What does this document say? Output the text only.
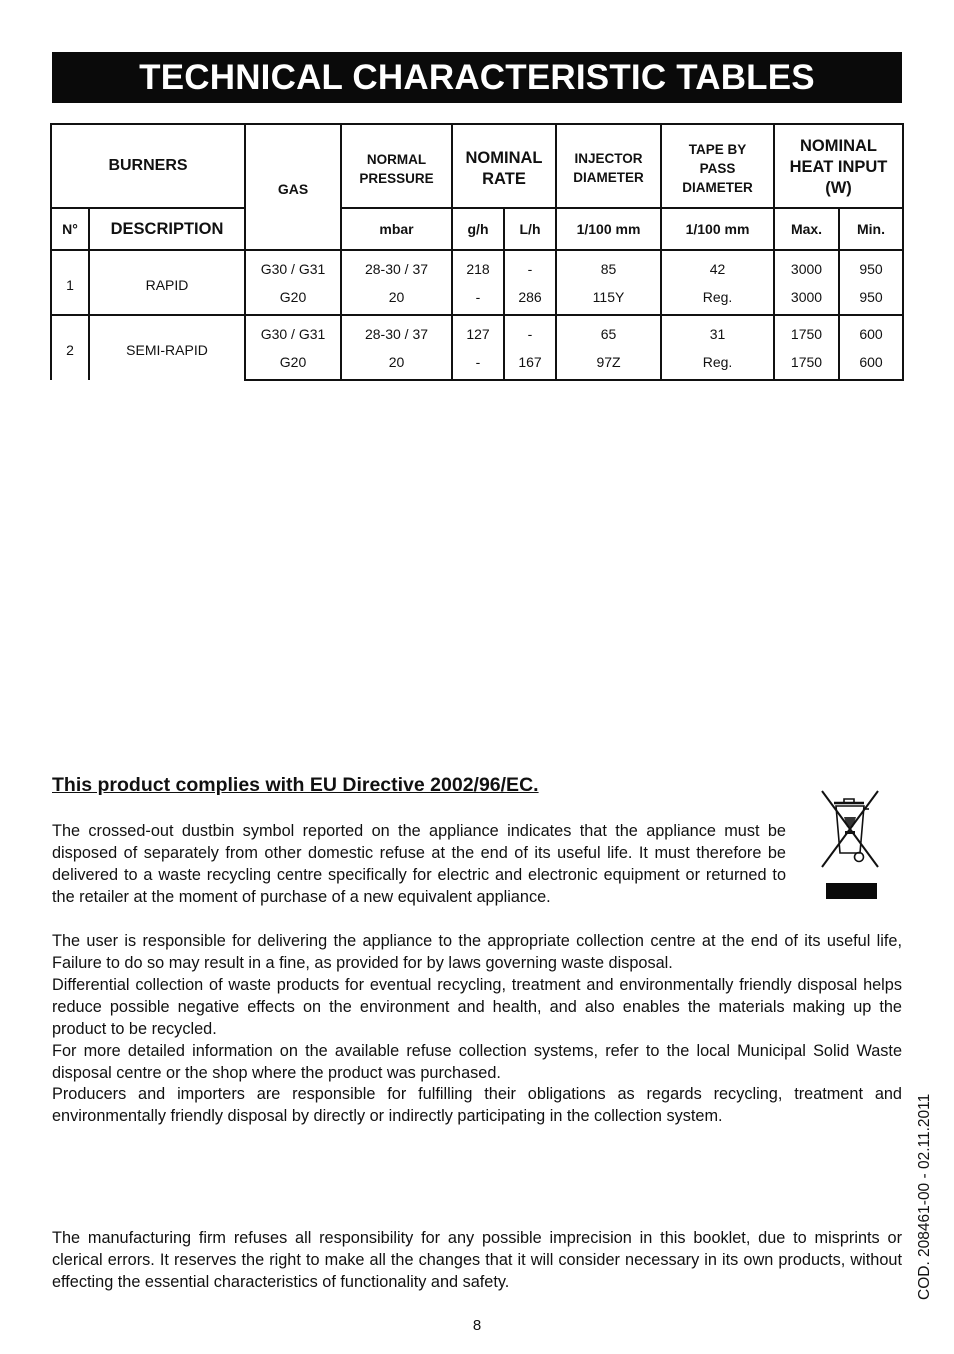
TECHNICAL CHARACTERISTIC TABLES
BURNERS		GAS	NORMAL PRESSURE	NOMINAL RATE		INJECTOR DIAMETER	TAPE BY PASS DIAMETER	NOMINAL HEAT INPUT (W)	
N°	DESCRIPTION		mbar	g/h	L/h	1/100 mm	1/100 mm	Max.	Min.
1	RAPID	G30 / G31	28-30 / 37	218	-	85	42	3000	950
		G20	20	-	286	115Y	Reg.	3000	950
2	SEMI-RAPID	G30 / G31	28-30 / 37	127	-	65	31	1750	600
		G20	20	-	167	97Z	Reg.	1750	600
This product complies with EU Directive 2002/96/EC.

The crossed-out dustbin symbol reported on the appliance indicates that the appliance must be disposed of separately from other domestic refuse at the end of its useful life. It must therefore be delivered to a waste recycling centre specifically for electric and electronic equipment or returned to the retailer at the moment of purchase of a new equivalent appliance.

The user is responsible for delivering the appliance to the appropriate collection centre at the end of its useful life, Failure to do so may result in a fine, as provided for by laws governing waste disposal.

Differential collection of waste products for eventual recycling, treatment and environmentally friendly disposal helps reduce possible negative effects on the environment and health, and also enables the materials making up the product to be recycled.

For more detailed information on the available refuse collection systems, refer to the local Municipal Solid Waste disposal centre or the shop where the product was purchased.

Producers and importers are responsible for fulfilling their obligations as regards recycling, treatment and environmentally friendly disposal by directly or indirectly participating in the collection system.

The manufacturing firm refuses all responsibility for any possible imprecision in this booklet, due to misprints or clerical errors. It reserves the right to make all the changes that it will consider necessary in its own products, without effecting the essential characteristics of functionality and safety.	COD. 208461-00 - 02.11.2011
8
